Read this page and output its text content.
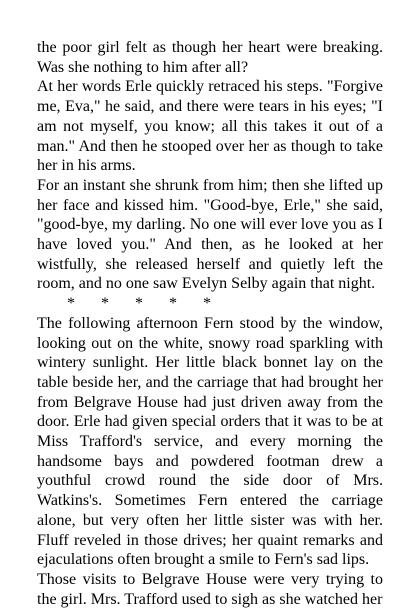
the poor girl felt as though her heart were breaking. Was she nothing to him after all?

At her words Erle quickly retraced his steps. "Forgive me, Eva," he said, and there were tears in his eyes; "I am not myself, you know; all this takes it out of a man." And then he stooped over her as though to take her in his arms.

For an instant she shrunk from him; then she lifted up her face and kissed him. "Good-bye, Erle," she said, "good-bye, my darling. No one will ever love you as I have loved you." And then, as he looked at her wistfully, she released herself and quietly left the room, and no one saw Evelyn Selby again that night.

* * * * *

The following afternoon Fern stood by the window, looking out on the white, snowy road sparkling with wintery sunlight. Her little black bonnet lay on the table beside her, and the carriage that had brought her from Belgrave House had just driven away from the door. Erle had given special orders that it was to be at Miss Trafford's service, and every morning the handsome bays and powdered footman drew a youthful crowd round the side door of Mrs. Watkins's. Sometimes Fern entered the carriage alone, but very often her little sister was with her. Fluff reveled in those drives; her quaint remarks and ejaculations often brought a smile to Fern's sad lips.

Those visits to Belgrave House were very trying to the girl. Mrs. Trafford used to sigh as she watched her
